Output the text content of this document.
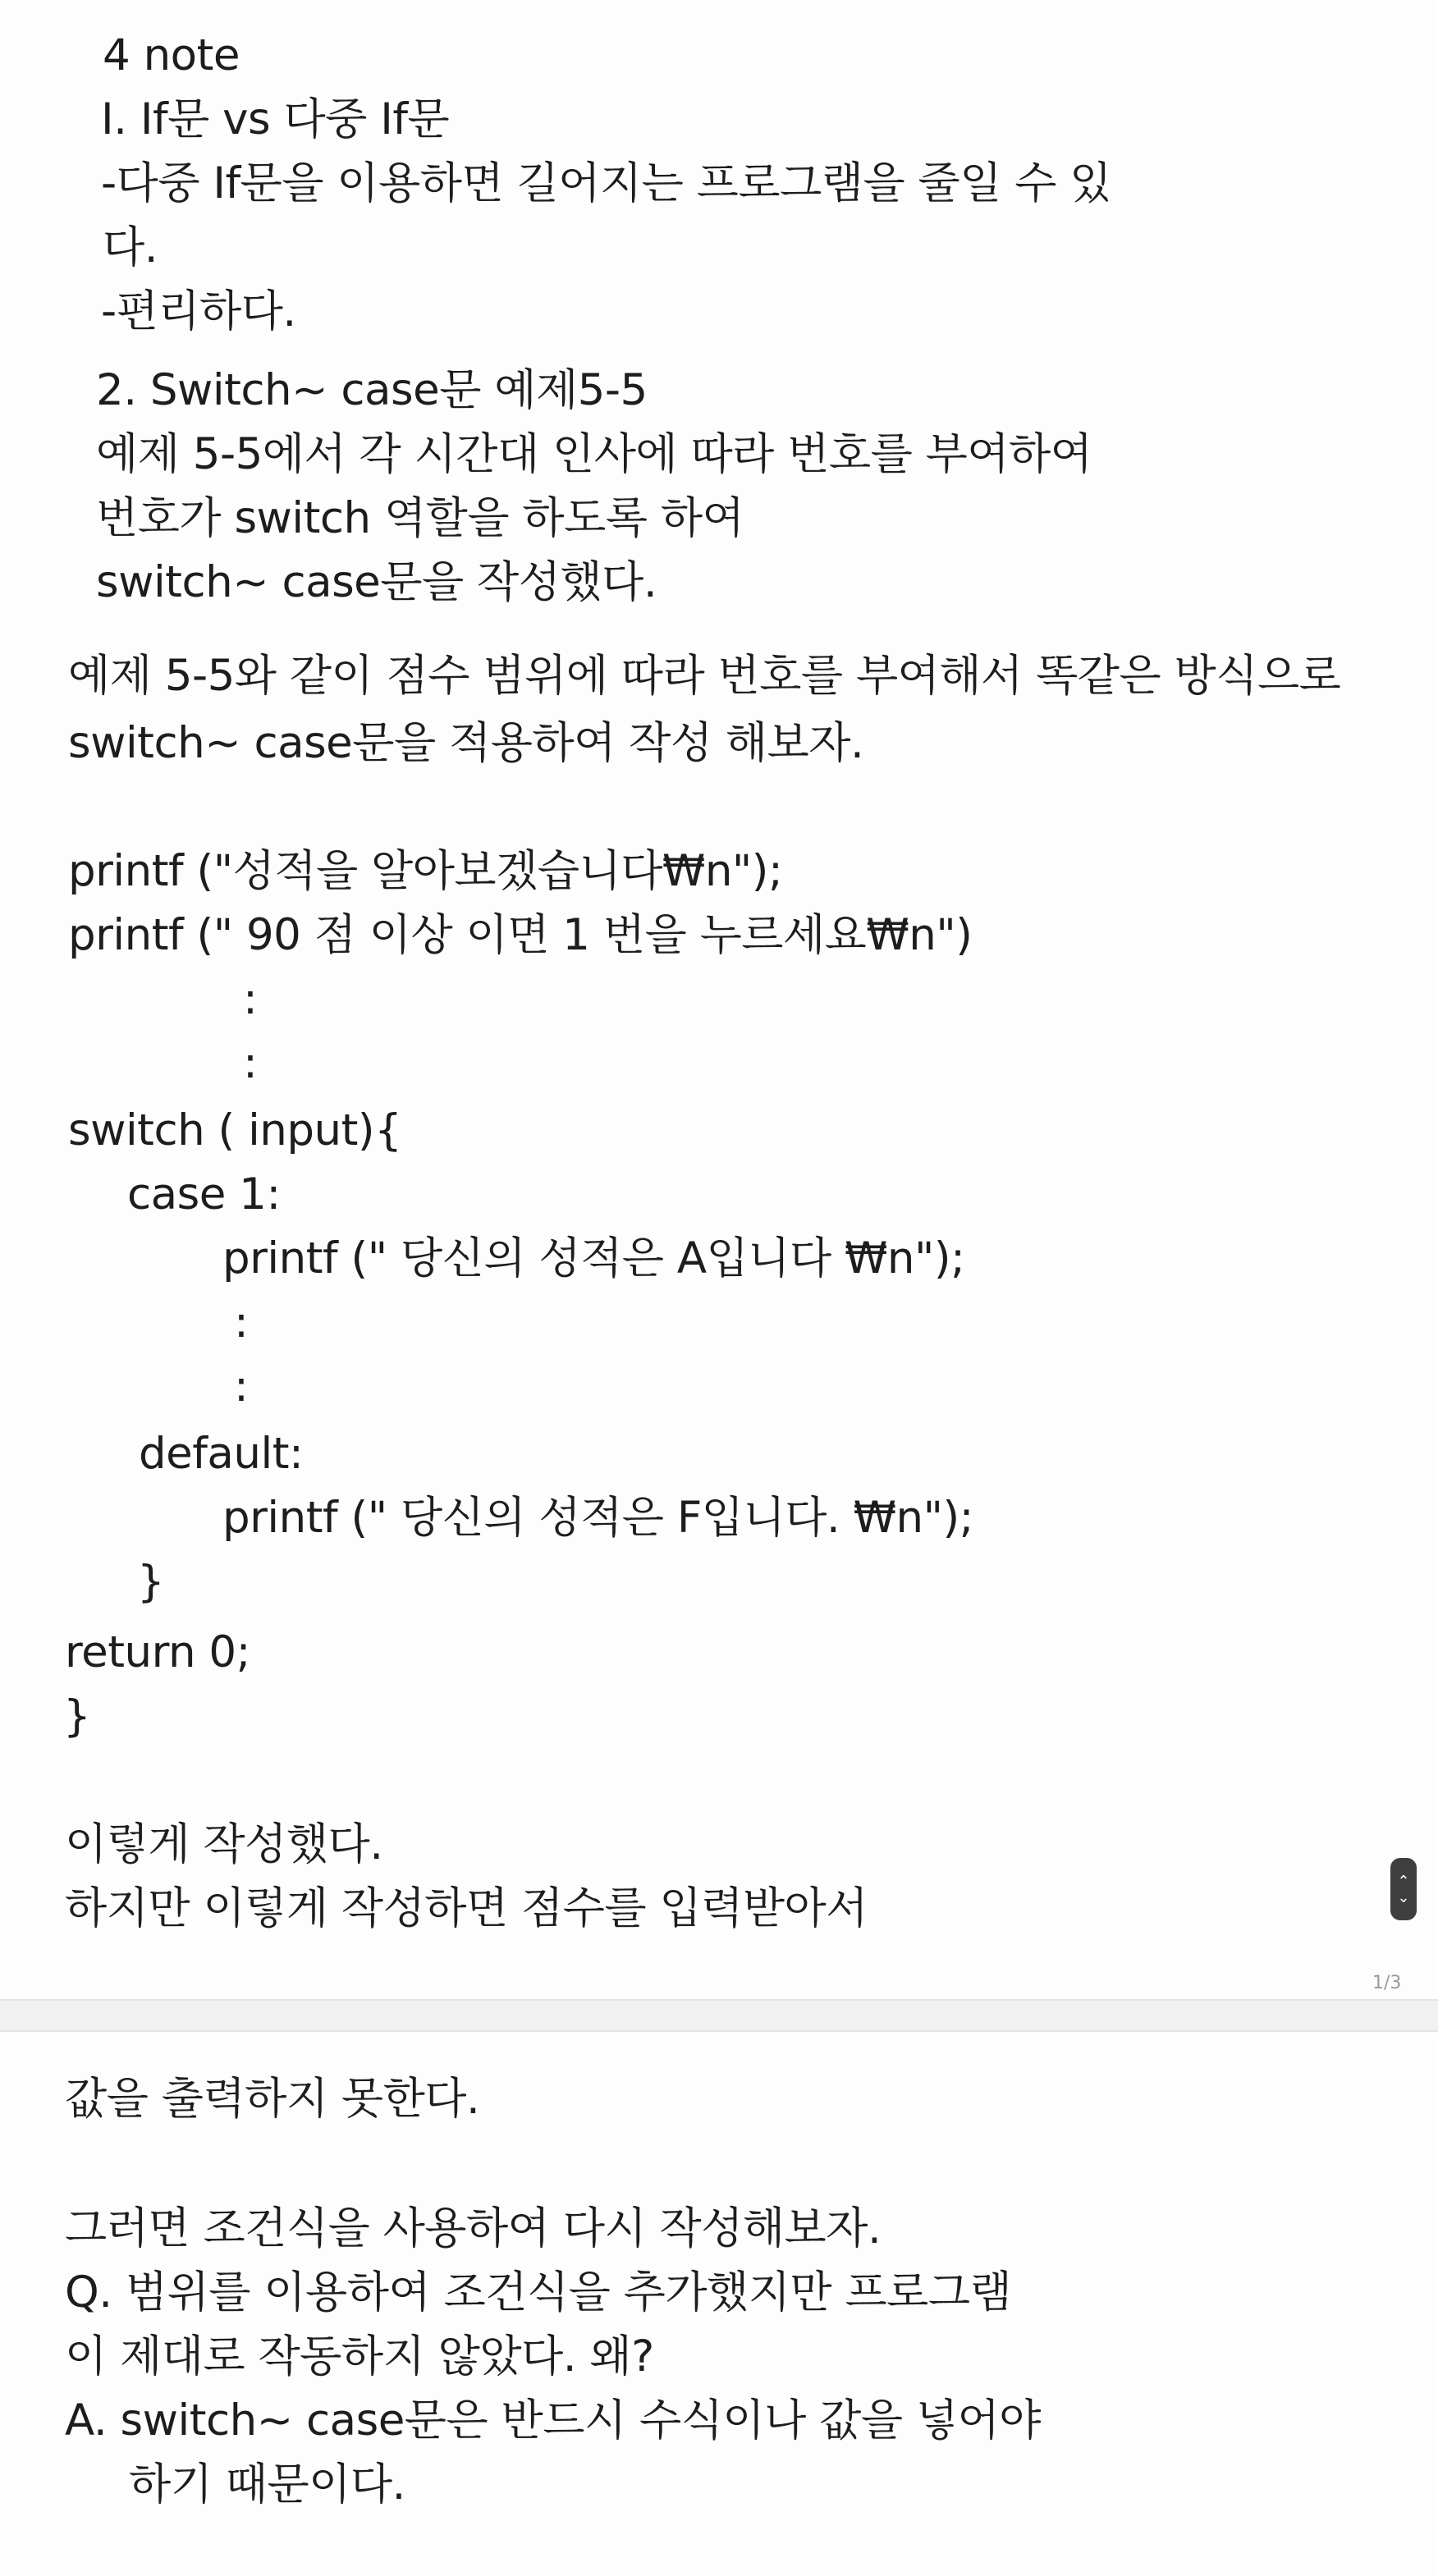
4 note
I. If문 vs 다중 If문
-다중 If문을 이용하면 길어지는 프로그램을 줄일 수 있
다.
-편리하다.
2. Switch~ case문 예제5-5
예제 5-5에서 각 시간대 인사에 따라 번호를 부여하여
번호가 switch 역할을 하도록 하여
switch~ case문을 작성했다.
예제 5-5와 같이 점수 범위에 따라 번호를 부여해서 똑같은 방식으로
switch~ case문을 적용하여 작성 해보자.
printf ("성적을 알아보겠습니다₩n");
printf (" 90 점 이상 이면 1 번을 누르세요₩n")
:
:
switch ( input){
case 1:
printf (" 당신의 성적은 A입니다 ₩n");
:
:
default:
printf (" 당신의 성적은 F입니다. ₩n");
}
return 0;
}
이렇게 작성했다.
하지만 이렇게 작성하면 점수를 입력받아서
⌃
⌄
1/3
값을 출력하지 못한다.
그러면 조건식을 사용하여 다시 작성해보자.
Q. 범위를 이용하여 조건식을 추가했지만 프로그램
이 제대로 작동하지 않았다. 왜?
A. switch~ case문은 반드시 수식이나 값을 넣어야
하기 때문이다.
